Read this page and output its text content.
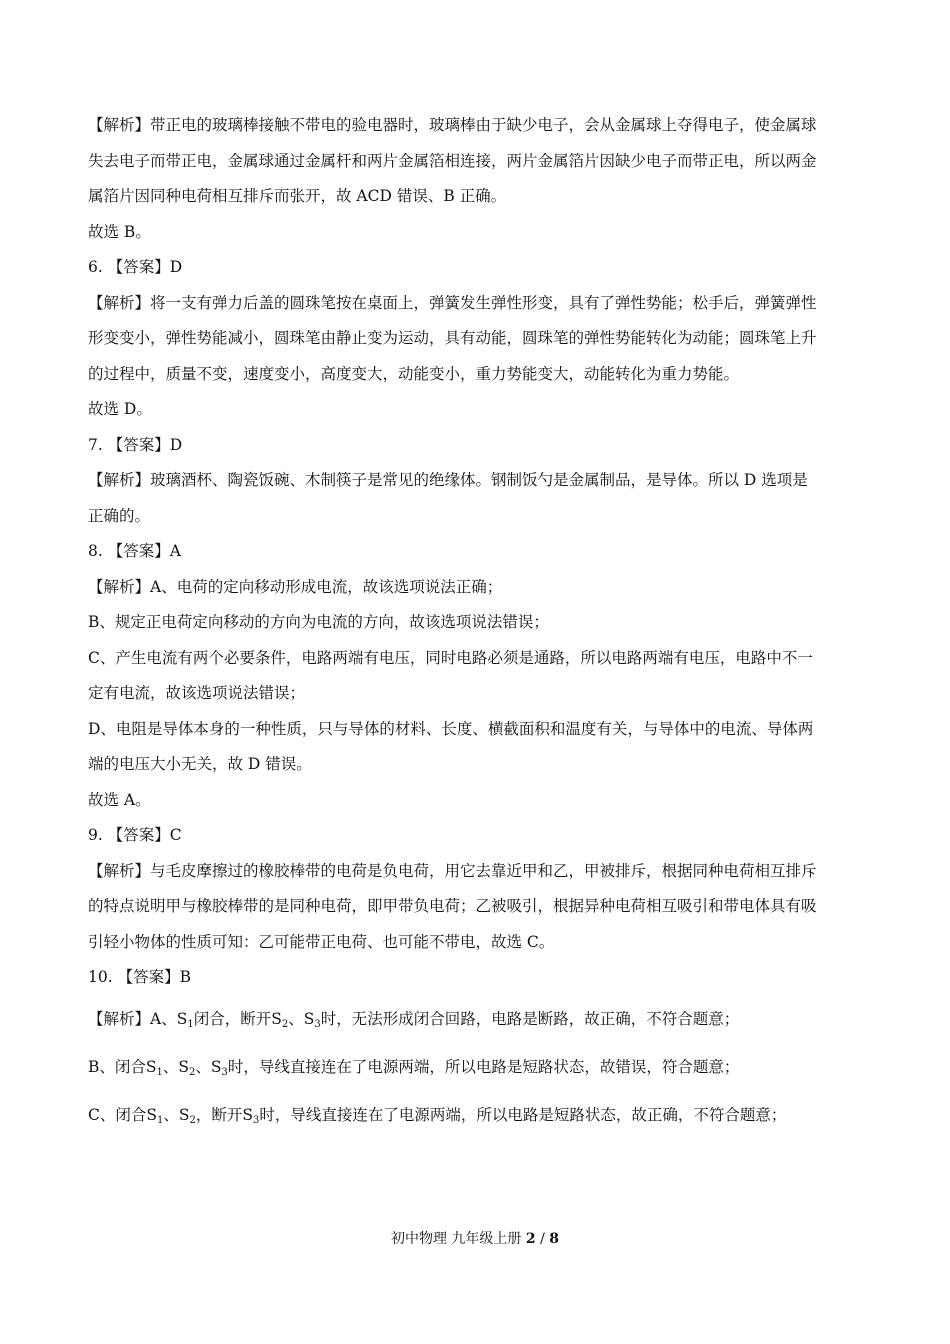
【解析】带正电的玻璃棒接触不带电的验电器时，玻璃棒由于缺少电子，会从金属球上夺得电子，使金属球

失去电子而带正电，金属球通过金属杆和两片金属箔相连接，两片金属箔片因缺少电子而带正电，所以两金

属箔片因同种电荷相互排斥而张开，故 ACD 错误、B 正确。

故选 B。

6. 【答案】D

【解析】将一支有弹力后盖的圆珠笔按在桌面上，弹簧发生弹性形变，具有了弹性势能；松手后，弹簧弹性

形变变小，弹性势能减小，圆珠笔由静止变为运动，具有动能，圆珠笔的弹性势能转化为动能；圆珠笔上升

的过程中，质量不变，速度变小，高度变大，动能变小，重力势能变大，动能转化为重力势能。

故选 D。

7. 【答案】D

【解析】玻璃酒杯、陶瓷饭碗、木制筷子是常见的绝缘体。钢制饭勺是金属制品，是导体。所以 D 选项是

正确的。

8. 【答案】A

【解析】A、电荷的定向移动形成电流，故该选项说法正确；

B、规定正电荷定向移动的方向为电流的方向，故该选项说法错误；

C、产生电流有两个必要条件，电路两端有电压，同时电路必须是通路，所以电路两端有电压，电路中不一

定有电流，故该选项说法错误；

D、电阻是导体本身的一种性质，只与导体的材料、长度、横截面积和温度有关，与导体中的电流、导体两

端的电压大小无关，故 D 错误。

故选 A。

9. 【答案】C

【解析】与毛皮摩擦过的橡胶棒带的电荷是负电荷，用它去靠近甲和乙，甲被排斥，根据同种电荷相互排斥

的特点说明甲与橡胶棒带的是同种电荷，即甲带负电荷；乙被吸引，根据异种电荷相互吸引和带电体具有吸

引轻小物体的性质可知：乙可能带正电荷、也可能不带电，故选 C。

10. 【答案】B

【解析】A、$S_1$闭合，断开$S_2$、$S_3$时，无法形成闭合回路，电路是断路，故正确，不符合题意；

B、闭合$S_1$、$S_2$、$S_3$时，导线直接连在了电源两端，所以电路是短路状态，故错误，符合题意；

C、闭合$S_1$、$S_2$，断开$S_3$时，导线直接连在了电源两端，所以电路是短路状态，故正确，不符合题意；

初中物理 九年级上册 2 / 8
